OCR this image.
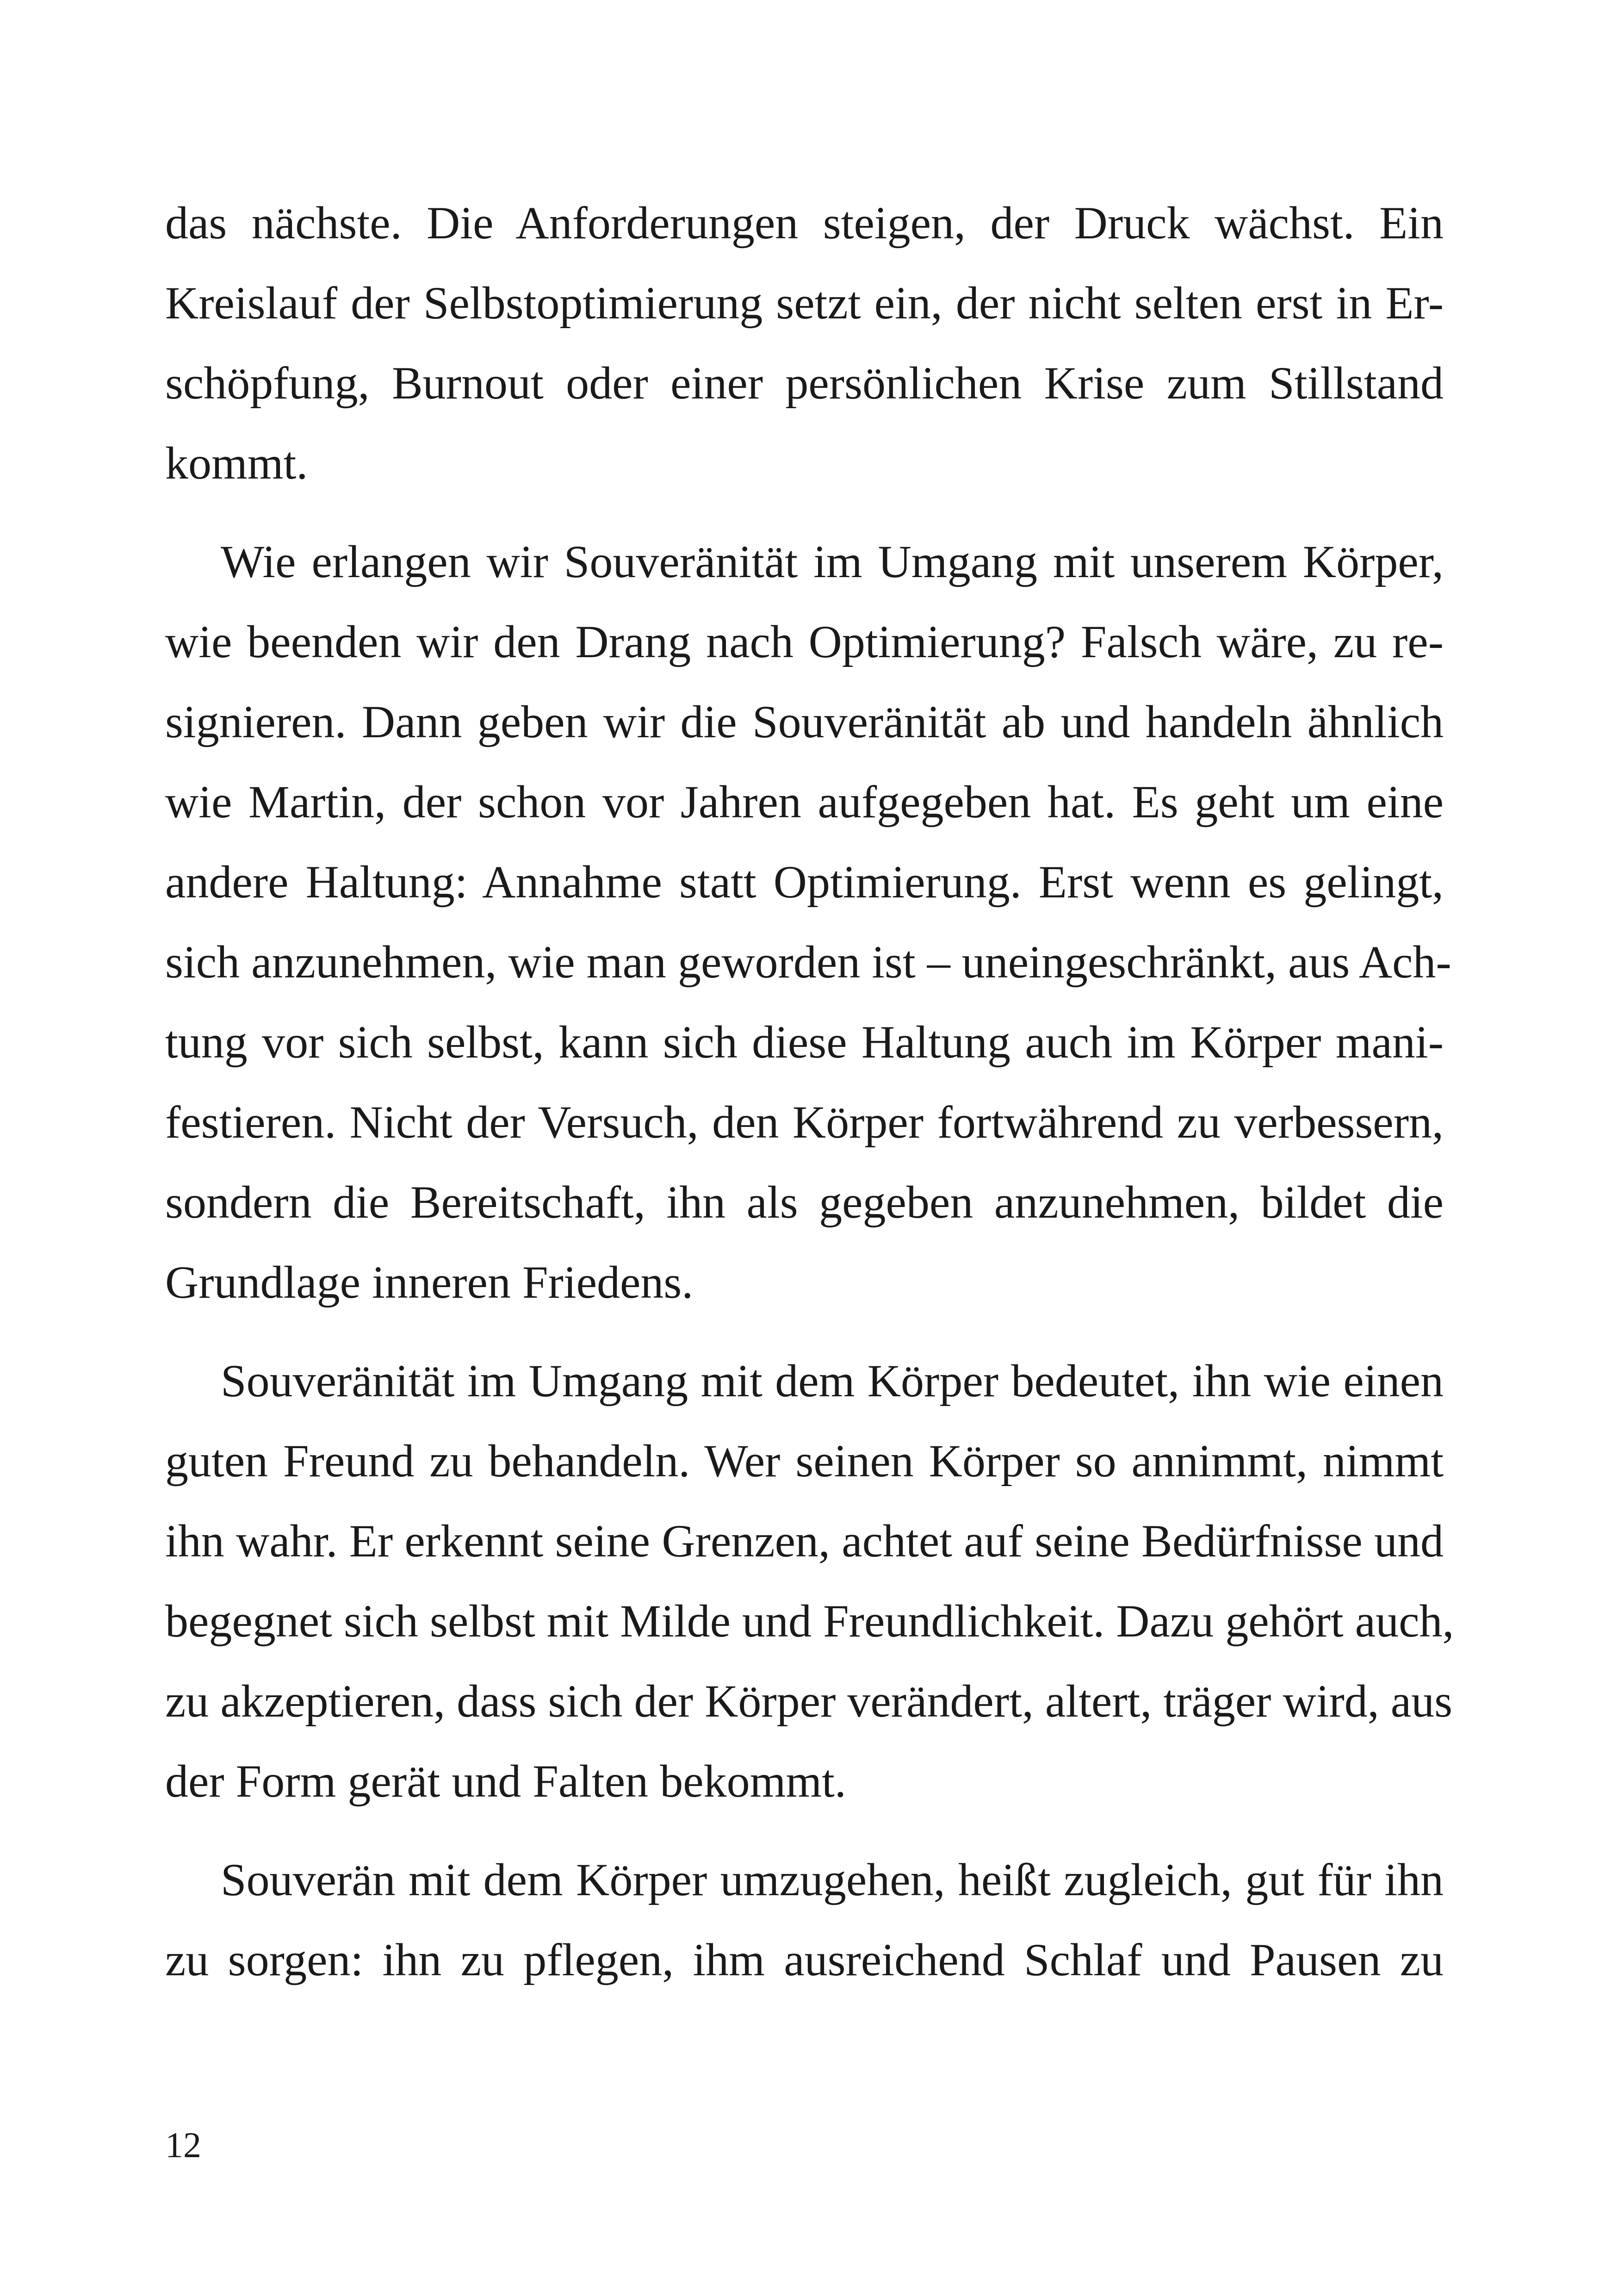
das nächste. Die Anforderungen steigen, der Druck wächst. Ein
Kreislauf der Selbstoptimierung setzt ein, der nicht selten erst in Er-
schöpfung, Burnout oder einer persönlichen Krise zum Stillstand
kommt.
Wie erlangen wir Souveränität im Umgang mit unserem Körper,
wie beenden wir den Drang nach Optimierung? Falsch wäre, zu re-
signieren. Dann geben wir die Souveränität ab und handeln ähnlich
wie Martin, der schon vor Jahren aufgegeben hat. Es geht um eine
andere Haltung: Annahme statt Optimierung. Erst wenn es gelingt,
sich anzunehmen, wie man geworden ist – uneingeschränkt, aus Ach-
tung vor sich selbst, kann sich diese Haltung auch im Körper mani-
festieren. Nicht der Versuch, den Körper fortwährend zu verbessern,
sondern die Bereitschaft, ihn als gegeben anzunehmen, bildet die
Grundlage inneren Friedens.
Souveränität im Umgang mit dem Körper bedeutet, ihn wie einen
guten Freund zu behandeln. Wer seinen Körper so annimmt, nimmt
ihn wahr. Er erkennt seine Grenzen, achtet auf seine Bedürfnisse und
begegnet sich selbst mit Milde und Freundlichkeit. Dazu gehört auch,
zu akzeptieren, dass sich der Körper verändert, altert, träger wird, aus
der Form gerät und Falten bekommt.
Souverän mit dem Körper umzugehen, heißt zugleich, gut für ihn
zu sorgen: ihn zu pflegen, ihm ausreichend Schlaf und Pausen zu
12
